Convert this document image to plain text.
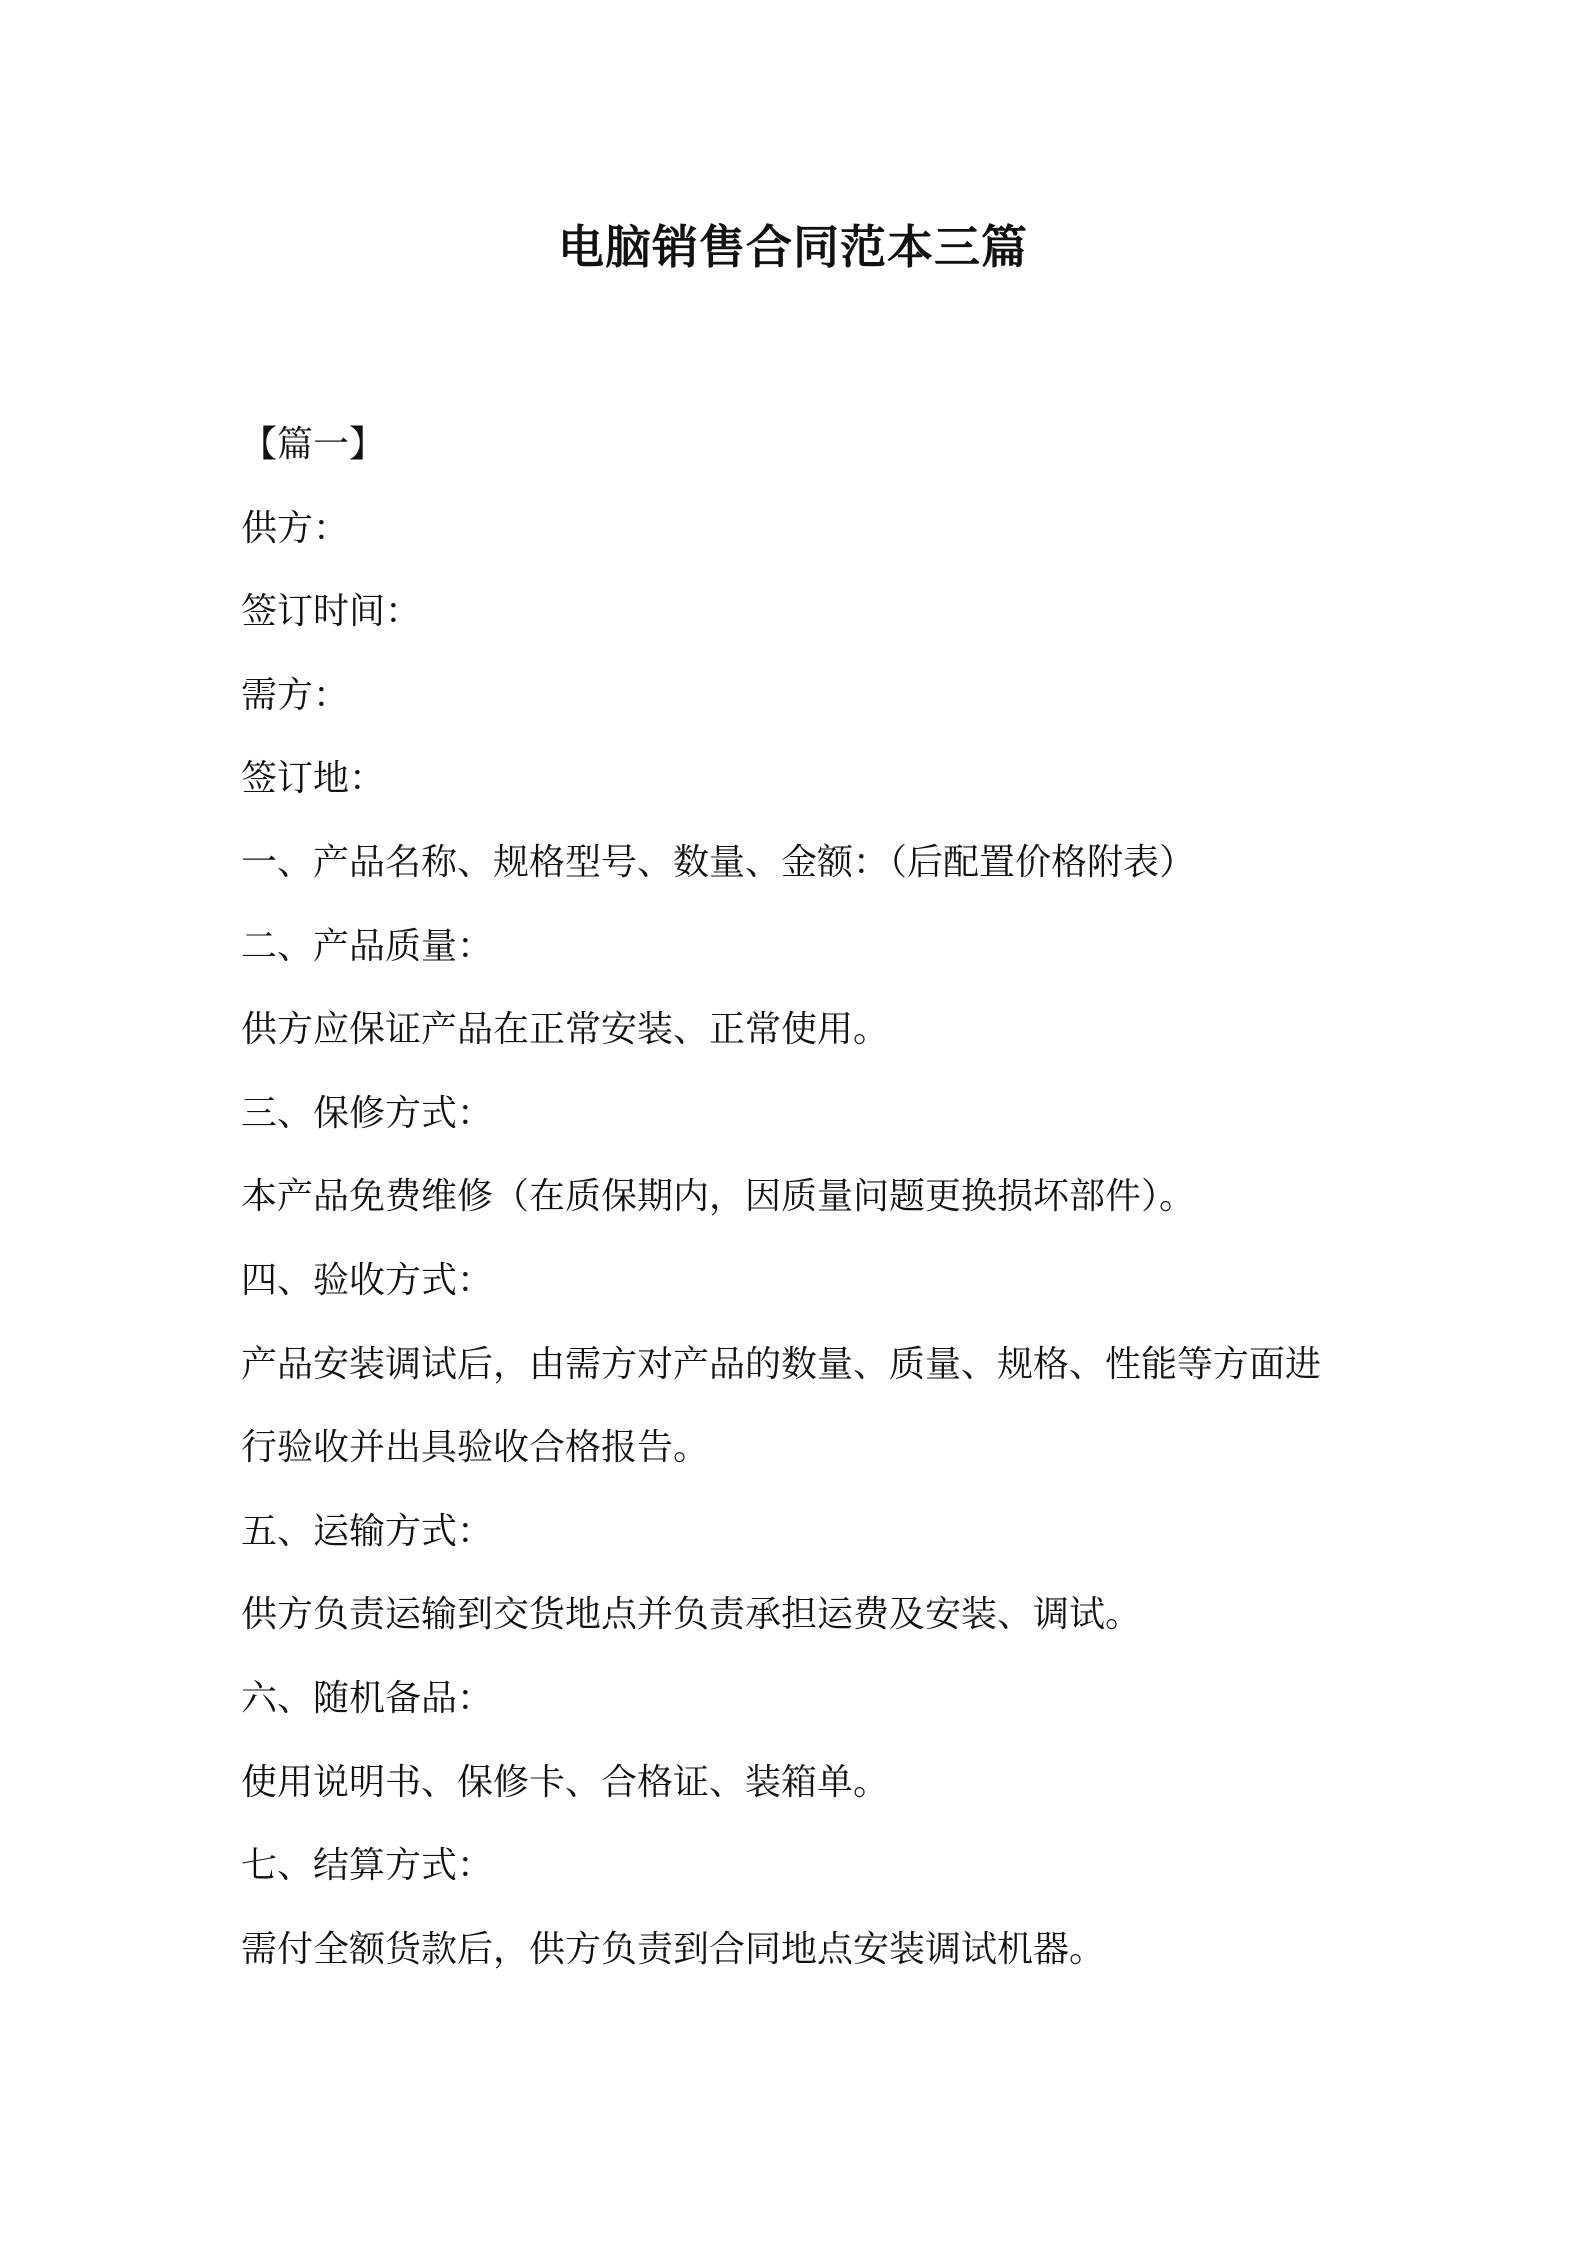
电脑销售合同范本三篇

【篇一】

供方：

签订时间：

需方：

签订地：

一、产品名称、规格型号、数量、金额：（后配置价格附表）

二、产品质量：

供方应保证产品在正常安装、正常使用。

三、保修方式：

本产品免费维修（在质保期内，因质量问题更换损坏部件）。

四、验收方式：

产品安装调试后，由需方对产品的数量、质量、规格、性能等方面进

行验收并出具验收合格报告。

五、运输方式：

供方负责运输到交货地点并负责承担运费及安装、调试。

六、随机备品：

使用说明书、保修卡、合格证、装箱单。

七、结算方式：

需付全额货款后，供方负责到合同地点安装调试机器。
